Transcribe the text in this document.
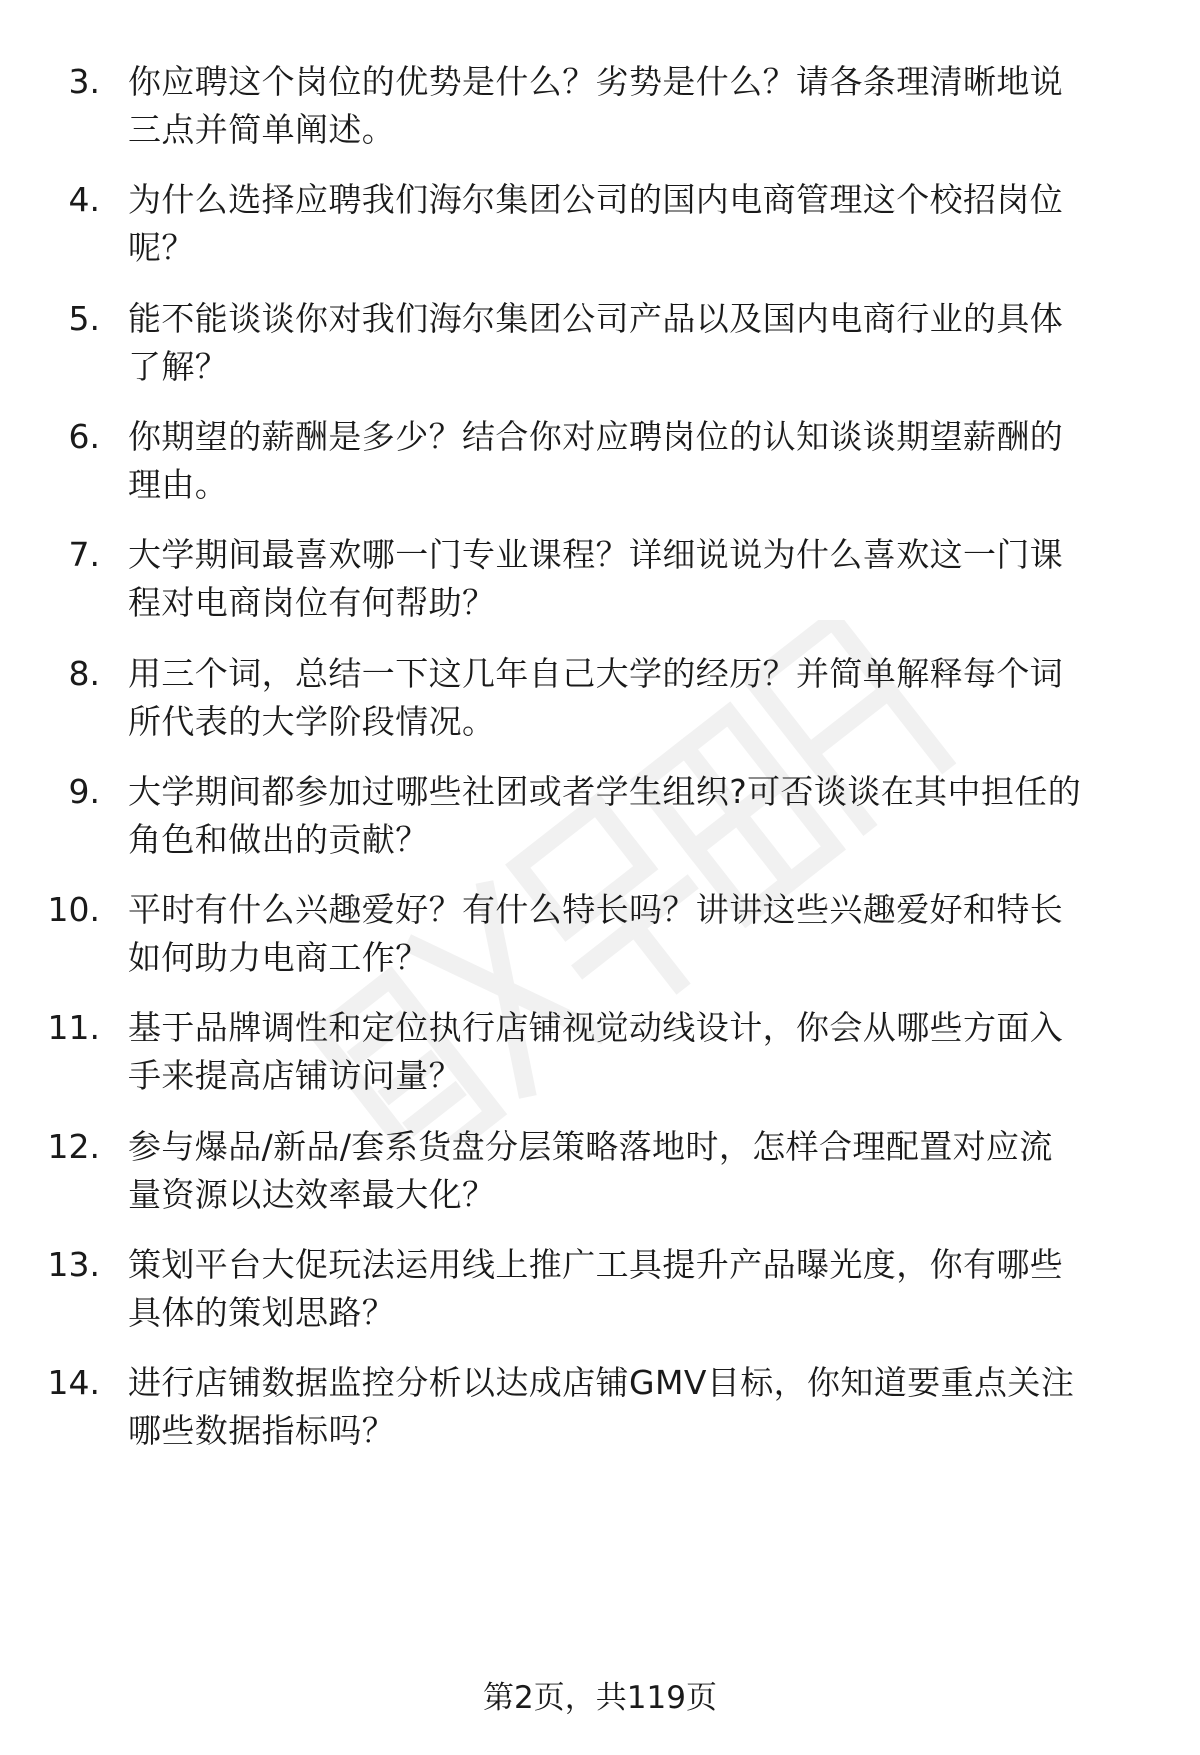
3. 你应聘这个岗位的优势是什么？劣势是什么？请各条理清晰地说
三点并简单阐述。
4. 为什么选择应聘我们海尔集团公司的国内电商管理这个校招岗位
呢？
5. 能不能谈谈你对我们海尔集团公司产品以及国内电商行业的具体
了解？
6. 你期望的薪酬是多少？结合你对应聘岗位的认知谈谈期望薪酬的
理由。
7. 大学期间最喜欢哪一门专业课程？详细说说为什么喜欢这一门课
程对电商岗位有何帮助？
8. 用三个词，总结一下这几年自己大学的经历？并简单解释每个词
所代表的大学阶段情况。
9. 大学期间都参加过哪些社团或者学生组织?可否谈谈在其中担任的
角色和做出的贡献？
10. 平时有什么兴趣爱好？有什么特长吗？讲讲这些兴趣爱好和特长
如何助力电商工作？
11. 基于品牌调性和定位执行店铺视觉动线设计，你会从哪些方面入
手来提高店铺访问量？
12. 参与爆品/新品/套系货盘分层策略落地时，怎样合理配置对应流
量资源以达效率最大化？
13. 策划平台大促玩法运用线上推广工具提升产品曝光度，你有哪些
具体的策划思路？
14. 进行店铺数据监控分析以达成店铺GMV目标，你知道要重点关注
哪些数据指标吗？
第2页，共119页
